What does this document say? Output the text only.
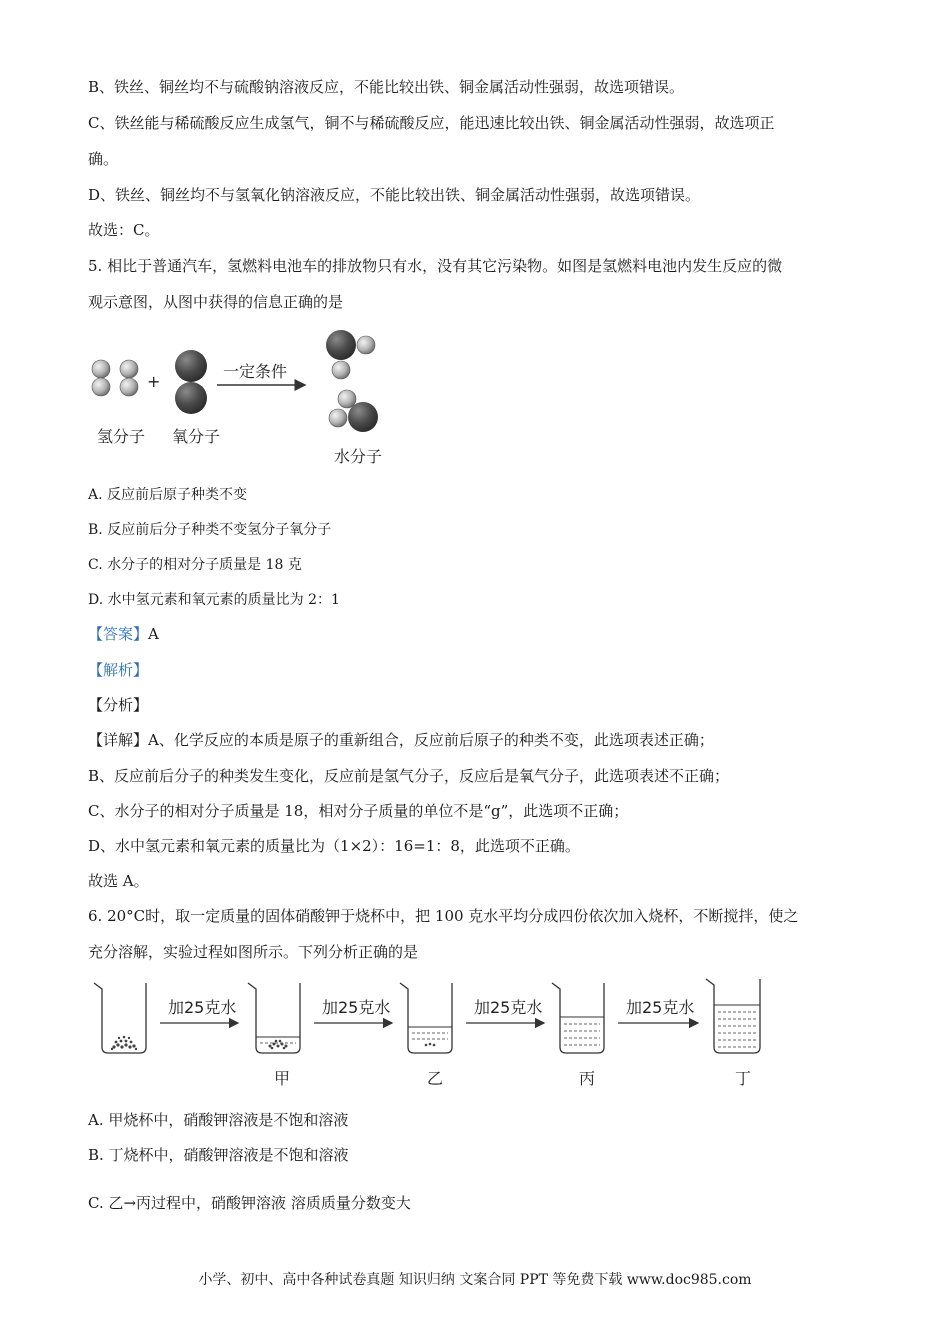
B、铁丝、铜丝均不与硫酸钠溶液反应，不能比较出铁、铜金属活动性强弱，故选项错误。
C、铁丝能与稀硫酸反应生成氢气，铜不与稀硫酸反应，能迅速比较出铁、铜金属活动性强弱，故选项正
确。
D、铁丝、铜丝均不与氢氧化钠溶液反应，不能比较出铁、铜金属活动性强弱，故选项错误。
故选：C。
5. 相比于普通汽车，氢燃料电池车的排放物只有水，没有其它污染物。如图是氢燃料电池内发生反应的微
观示意图，从图中获得的信息正确的是
+
一定条件
氢分子 氧分子
水分子
A. 反应前后原子种类不变
B. 反应前后分子种类不变氢分子氧分子
C. 水分子的相对分子质量是 18 克
D. 水中氢元素和氧元素的质量比为 2：1
【答案】A
【解析】
【分析】
【详解】A、化学反应的本质是原子的重新组合，反应前后原子的种类不变，此选项表述正确；
B、反应前后分子的种类发生变化，反应前是氢气分子，反应后是氧气分子，此选项表述不正确；
C、水分子的相对分子质量是 18，相对分子质量的单位不是“g”，此选项不正确；
D、水中氢元素和氧元素的质量比为（1×2）：16=1：8，此选项不正确。
故选 A。
6. 20°C时，取一定质量的固体硝酸钾于烧杯中，把 100 克水平均分成四份依次加入烧杯，不断搅拌，使之
充分溶解，实验过程如图所示。下列分析正确的是
加25克水	加25克水	加25克水	加25克水
甲	乙	丙	丁
A. 甲烧杯中，硝酸钾溶液是不饱和溶液
B. 丁烧杯中，硝酸钾溶液是不饱和溶液
C. 乙→丙过程中，硝酸钾溶液 溶质质量分数变大
小学、初中、高中各种试卷真题 知识归纳 文案合同 PPT 等免费下载 www.doc985.com
